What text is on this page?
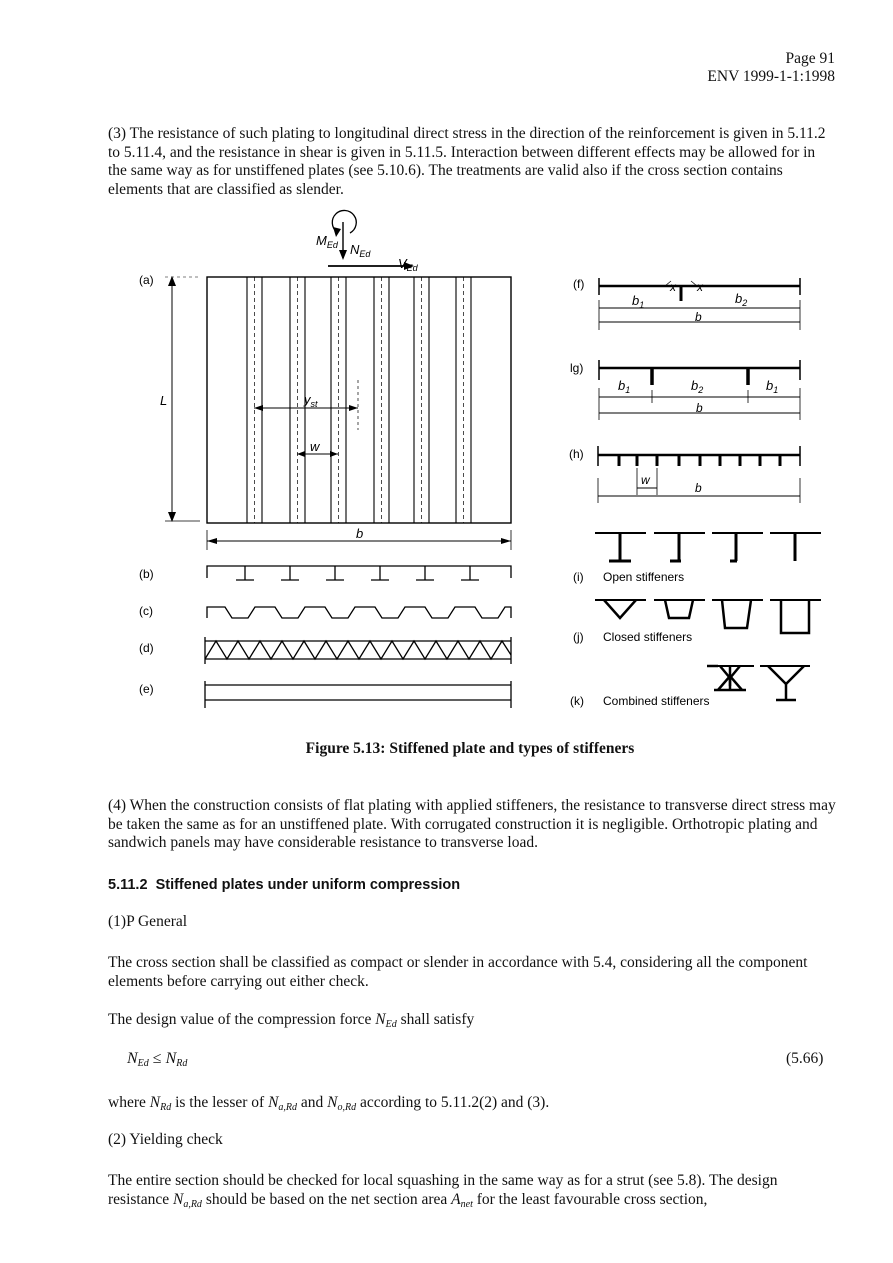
Page 91
ENV 1999-1-1:1998
(3) The resistance of such plating to longitudinal direct stress in the direction of the reinforcement is given in 5.11.2 to 5.11.4, and the resistance in shear is given in 5.11.5. Interaction between different effects may be allowed for in the same way as for unstiffened plates (see 5.10.6). The treatments are valid also if the cross section contains elements that are classified as slender.
(a)
L
b
w
$y_{st}$
$M_{Ed}$ $N_{Ed}$
$V_{Ed}$
(b)
(c)
(d)
(e)
(f)
$b_1$	$b_2$
b
x x
lg)
$b_1$	$b_2$	$b_1$
b
(h)
w
b
(i) Open stiffeners
(j) Closed stiffeners
(k) Combined stiffeners
Figure 5.13: Stiffened plate and types of stiffeners
(4) When the construction consists of flat plating with applied stiffeners, the resistance to transverse direct stress may be taken the same as for an unstiffened plate. With corrugated construction it is negligible. Orthotropic plating and sandwich panels may have considerable resistance to transverse load.
5.11.2 Stiffened plates under uniform compression
(1)P General
The cross section shall be classified as compact or slender in accordance with 5.4, considering all the component elements before carrying out either check.
The design value of the compression force $N_{Ed}$ shall satisfy
$N_{Ed} \le N_{Rd}$	(5.66)
where $N_{Rd}$ is the lesser of $N_{a,Rd}$ and $N_{o,Rd}$ according to 5.11.2(2) and (3).
(2) Yielding check
The entire section should be checked for local squashing in the same way as for a strut (see 5.8). The design resistance $N_{a,Rd}$ should be based on the net section area $A_{net}$ for the least favourable cross section,
